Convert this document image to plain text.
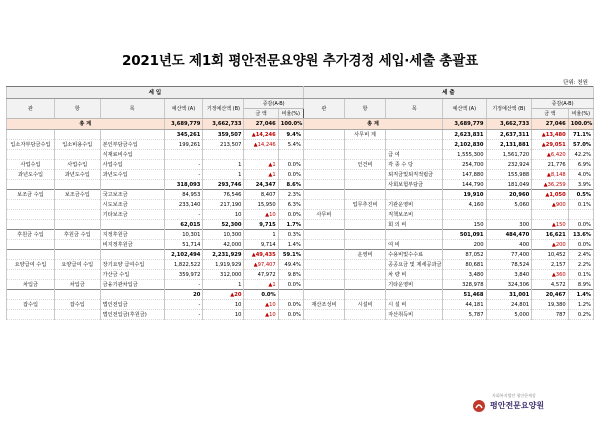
2021년도 제1회 평안전문요양원 추가경정 세입·세출 총괄표
단위: 천원
세 입							세 출						
관	항	목	예산액 (A)	기정예산액 (B)	증감(A-B)		관	항	목	예산액 (A)	기정예산액 (B)	증감(A-B)	
					금 액	비율(%)						금 액	비율(%)
총 계			3,689,779	3,662,733	27,046	100.0%	총 계			3,689,779	3,662,733	27,046	100.0%
			345,261	359,507	▲14,246	9.4%		사무비 계		2,623,831	2,637,311	▲13,480	71.1%
입소자부담금수입	입소비용수입	본인부담금수입	199,261	213,507	▲14,246	5.4%				2,102,830	2,131,881	▲29,051	57.0%
		식재료비수입							급 여	1,555,300	1,561,720	▲6,420	42.2%
사업수입	사업수입	사업수입	-	1	▲1	0.0%		인건비	각 종 수 당	254,700	232,924	21,776	6.9%
과년도수입	과년도수입	과년도수입	-	1	▲1	0.0%			퇴직금및퇴직적립금	147,880	155,988	▲8,148	4.0%
			318,093	293,746	24,347	8.6%			사회보험부담금	144,790	181,049	▲36,259	3.9%
보조금 수입	보조금수입	국고보조금	84,953	76,546	8,407	2.3%				19,910	20,960	▲1,050	0.5%
		시도보조금	233,140	217,190	15,950	6.3%		업무추진비	기관운영비	4,160	5,060	▲900	0.1%
		기타보조금	-	10	▲10	0.0%	사무비		직책보조비				
			62,015	52,300	9,715	1.7%			회 의 비	150	300	▲150	0.0%
후원금 수입	후원금 수입	지정후원금	10,301	10,300	1	0.3%				501,091	484,470	16,621	13.6%
		비지정후원금	51,714	42,000	9,714	1.4%			여 비	200	400	▲200	0.0%
			2,102,494	2,231,929	▲49,435	59.1%		운영비	수용비및수수료	87,052	77,400	10,452	2.4%
요양급여 수입	요양급여 수입	장기요양 급여수입	1,822,522	1,919,929	▲97,407	49.4%			공공요금 및 제세공과금	80,681	78,524	2,157	2.2%
		가산금 수입	359,972	312,000	47,972	9.8%			차 량 비	3,480	3,840	▲360	0.1%
차입금	차입금	금융기관차입금	-	1	▲1	0.0%			기타운영비	328,978	324,306	4,572	8.9%
			20	▲20	0.0%					51,468	31,001	20,467	1.4%
잡수입	잡수입	법인전입금	-	10	▲10	0.0%	재산조성비	시설비	시 설 비	44,181	24,801	19,380	1.2%
		법인전입금(후원금)	-	10	▲10	0.0%			자산취득비	5,787	5,000	787	0.2%
사회복지법인 평안한세상
평안전문요양원
